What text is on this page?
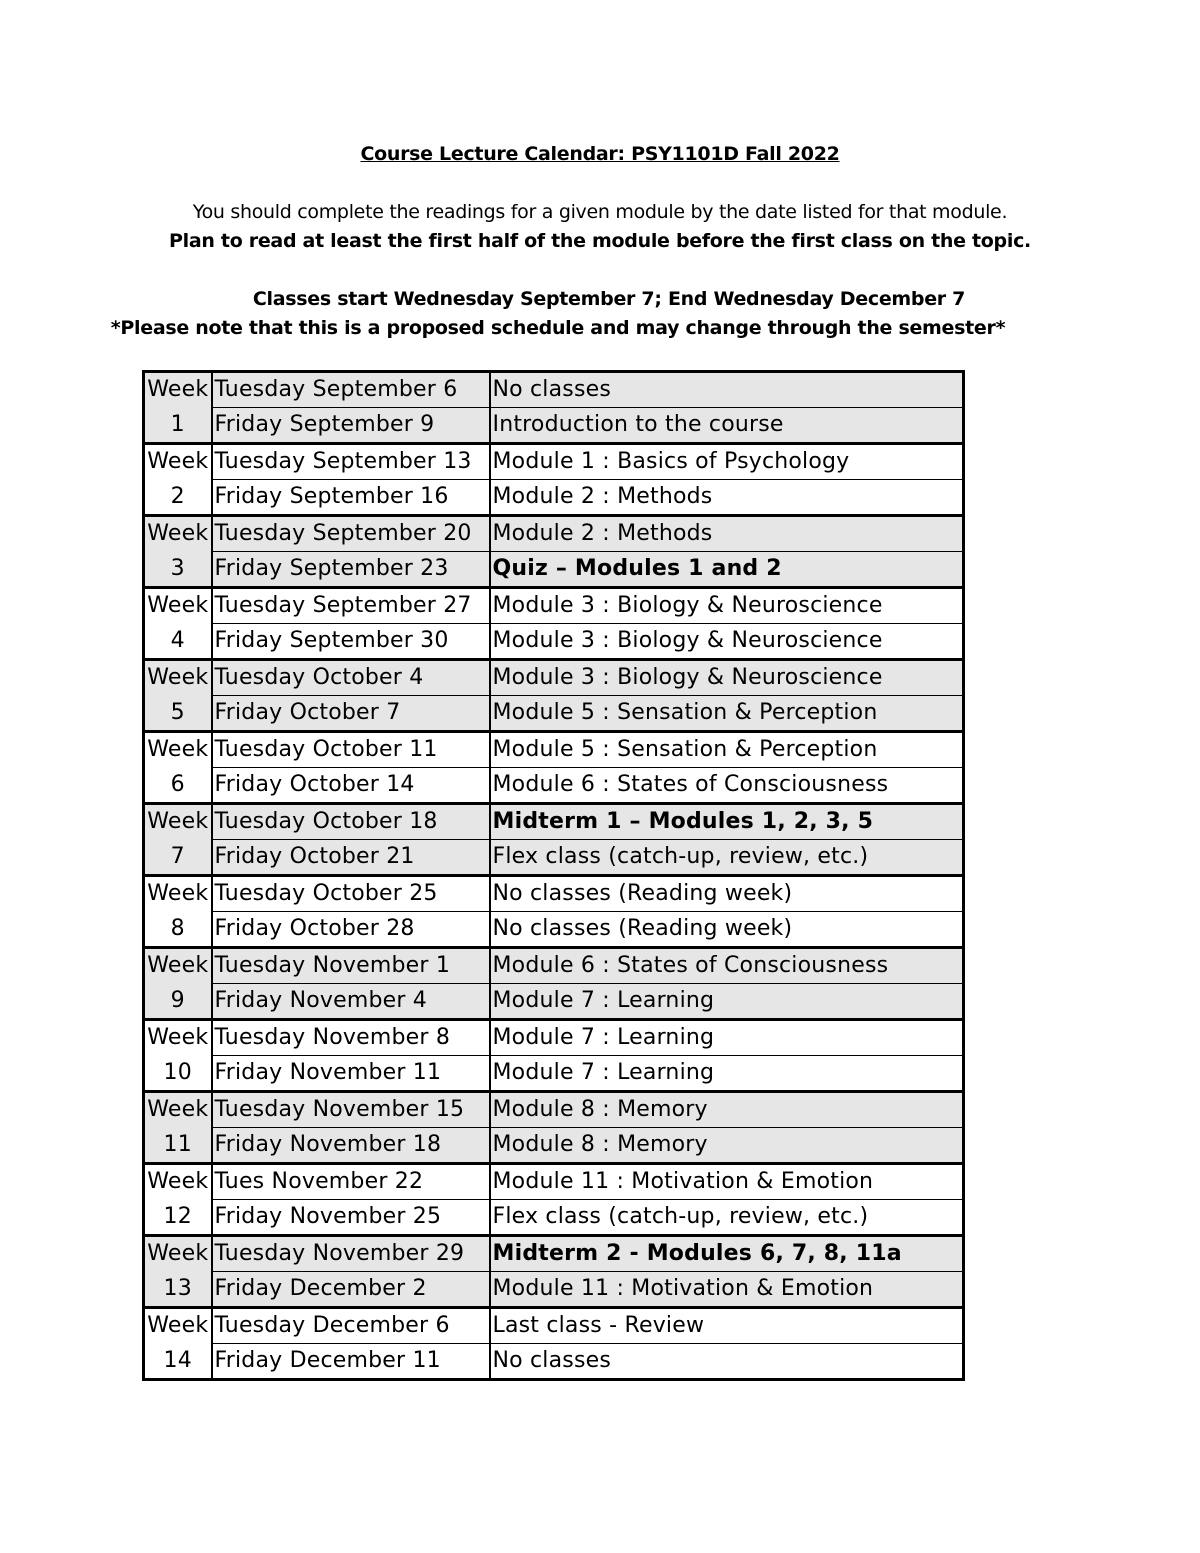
Course Lecture Calendar: PSY1101D Fall 2022
You should complete the readings for a given module by the date listed for that module.
Plan to read at least the first half of the module before the first class on the topic.
Classes start Wednesday September 7; End Wednesday December 7
*Please note that this is a proposed schedule and may change through the semester*
Week	Tuesday September 6	No classes
1	Friday September 9	Introduction to the course
Week	Tuesday September 13	Module 1 : Basics of Psychology
2	Friday September 16	Module 2 : Methods
Week	Tuesday September 20	Module 2 : Methods
3	Friday September 23	Quiz – Modules 1 and 2
Week	Tuesday September 27	Module 3 : Biology & Neuroscience
4	Friday September 30	Module 3 : Biology & Neuroscience
Week	Tuesday October 4	Module 3 : Biology & Neuroscience
5	Friday October 7	Module 5 : Sensation & Perception
Week	Tuesday October 11	Module 5 : Sensation & Perception
6	Friday October 14	Module 6 : States of Consciousness
Week	Tuesday October 18	Midterm 1 – Modules 1, 2, 3, 5
7	Friday October 21	Flex class (catch-up, review, etc.)
Week	Tuesday October 25	No classes (Reading week)
8	Friday October 28	No classes (Reading week)
Week	Tuesday November 1	Module 6 : States of Consciousness
9	Friday November 4	Module 7 : Learning
Week	Tuesday November 8	Module 7 : Learning
10	Friday November 11	Module 7 : Learning
Week	Tuesday November 15	Module 8 : Memory
11	Friday November 18	Module 8 : Memory
Week	Tues November 22	Module 11 : Motivation & Emotion
12	Friday November 25	Flex class (catch-up, review, etc.)
Week	Tuesday November 29	Midterm 2 - Modules 6, 7, 8, 11a
13	Friday December 2	Module 11 : Motivation & Emotion
Week	Tuesday December 6	Last class - Review
14	Friday December 11	No classes
